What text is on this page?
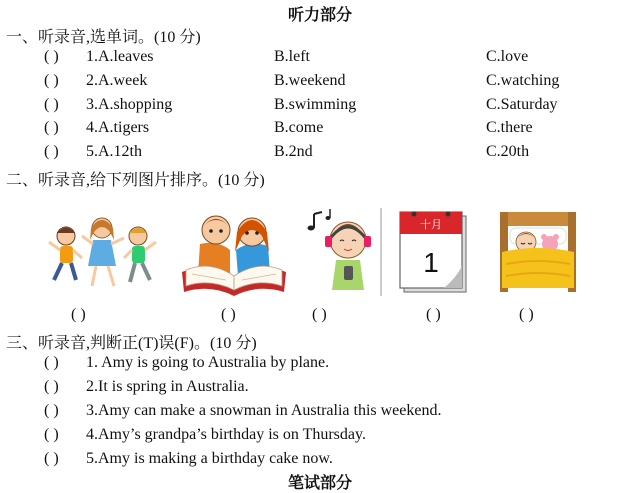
听力部分
一、听录音,选单词。(10 分)
( ) 1.A.leaves	B.left	C.love
( ) 2.A.week	B.weekend	C.watching
( ) 3.A.shopping	B.swimming	C.Saturday
( ) 4.A.tigers	B.come	C.there
( ) 5.A.12th	B.2nd	C.20th
二、听录音,给下列图片排序。(10 分)
十月
1
( )	( )	( )	( )	( )
三、听录音,判断正(T)误(F)。(10 分)
( ) 1. Amy is going to Australia by plane.
( ) 2.It is spring in Australia.
( ) 3.Amy can make a snowman in Australia this weekend.
( ) 4.Amy’s grandpa’s birthday is on Thursday.
( ) 5.Amy is making a birthday cake now.
笔试部分
